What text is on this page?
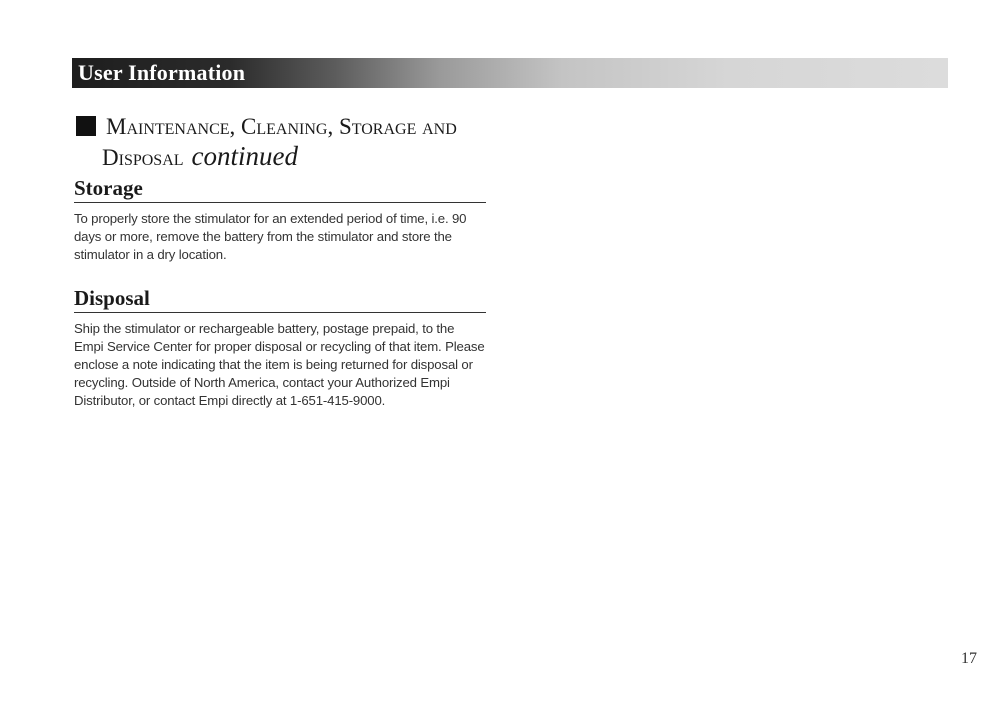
User Information
Maintenance, Cleaning, Storage and
Disposal continued
Storage
To properly store the stimulator for an extended period of time, i.e. 90 days or more, remove the battery from the stimulator and store the stimulator in a dry location.
Disposal
Ship the stimulator or rechargeable battery, postage prepaid, to the Empi Service Center for proper disposal or recycling of that item. Please enclose a note indicating that the item is being returned for disposal or recycling. Outside of North America, contact your Authorized Empi Distributor, or contact Empi directly at 1-651-415-9000.
17
